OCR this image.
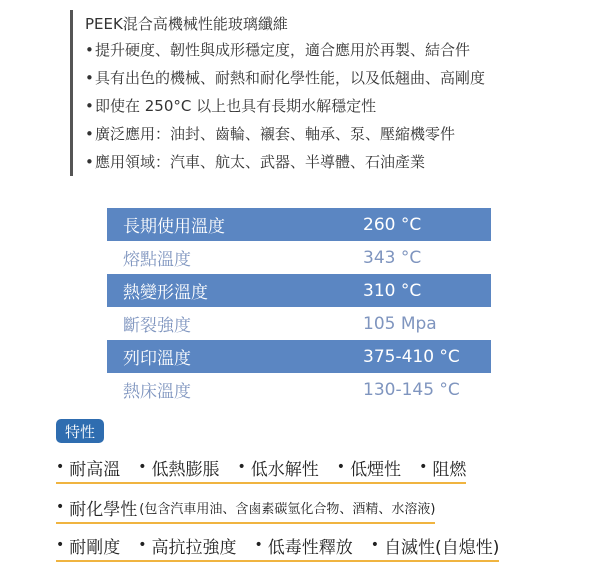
PEEK混合高機械性能玻璃纖維
•提升硬度、韌性與成形穩定度，適合應用於再製、結合件
•具有出色的機械、耐熱和耐化學性能，以及低翹曲、高剛度
•即使在 250°C 以上也具有長期水解穩定性
•廣泛應用：油封、齒輪、襯套、軸承、泵、壓縮機零件
•應用領域：汽車、航太、武器、半導體、石油產業
長期使用溫度	260 °C
熔點溫度	343 °C
熱變形溫度	310 °C
斷裂強度	105 Mpa
列印溫度	375-410 °C
熱床溫度	130-145 °C
特性
• 耐高溫 • 低熱膨脹 • 低水解性 • 低煙性 • 阻燃
• 耐化學性 (包含汽車用油、含鹵素碳氫化合物、酒精、水溶液)
• 耐剛度 • 高抗拉強度 • 低毒性釋放 • 自滅性(自熄性)
